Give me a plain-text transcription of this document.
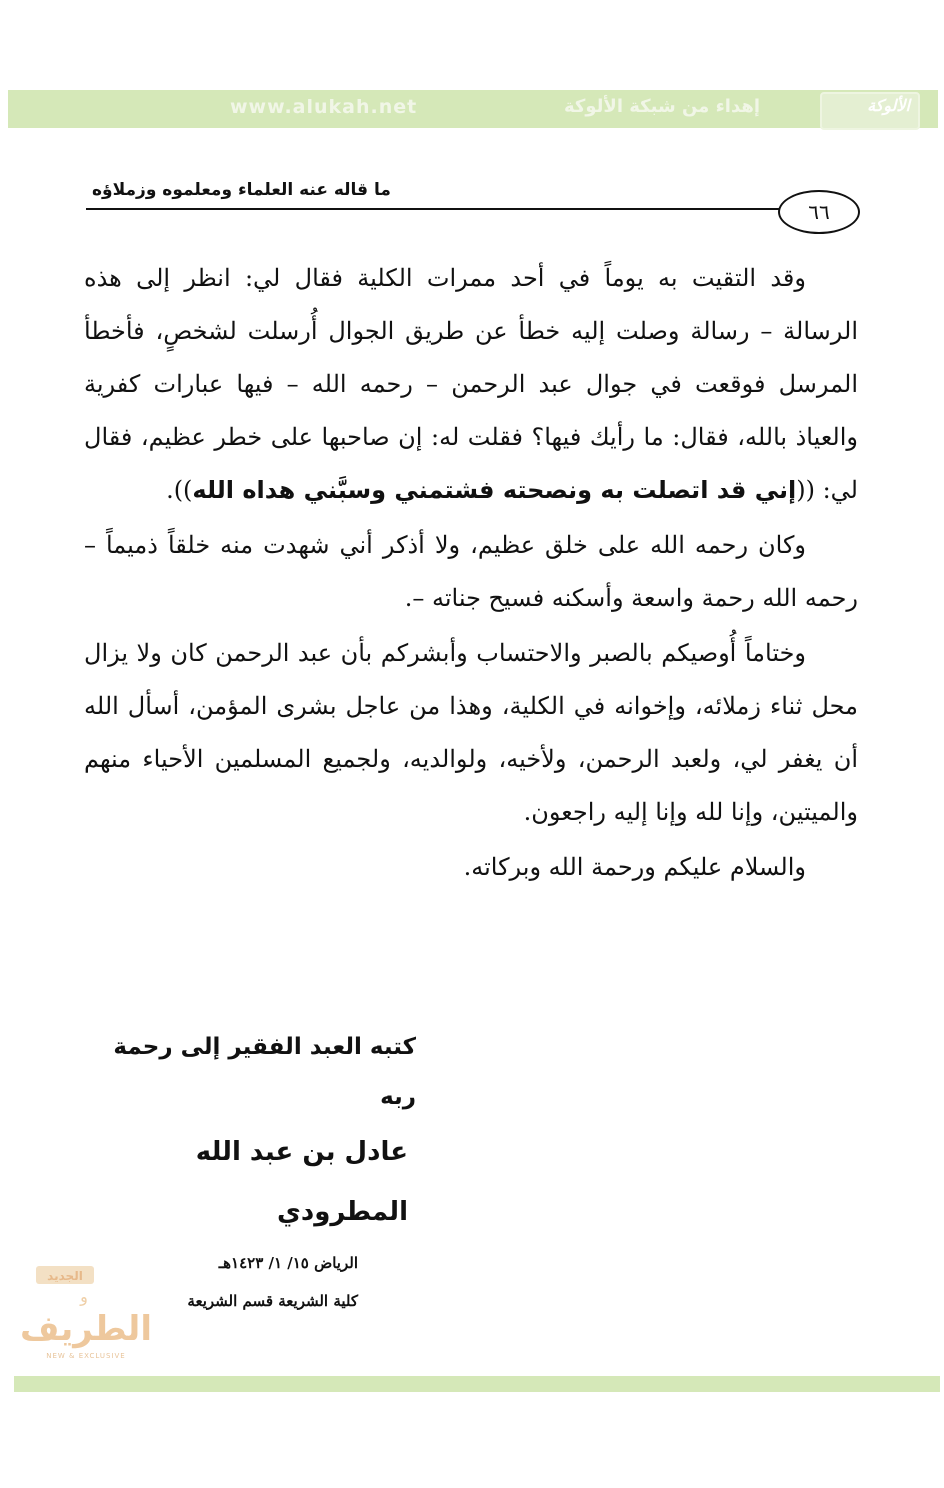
www.alukah.net	إهداء من شبكة الألوكة	الألوكة
ما قاله عنه العلماء ومعلموه وزملاؤه
٦٦

وقد التقيت به يوماً في أحد ممرات الكلية فقال لي: انظر إلى هذه الرسالة – رسالة وصلت إليه خطأ عن طريق الجوال أُرسلت لشخصٍ، فأخطأ المرسل فوقعت في جوال عبد الرحمن – رحمه الله – فيها عبارات كفرية والعياذ بالله، فقال: ما رأيك فيها؟ فقلت له: إن صاحبها على خطر عظيم، فقال لي: ((إني قد اتصلت به ونصحته فشتمني وسبَّني هداه الله)).

وكان رحمه الله على خلق عظيم، ولا أذكر أني شهدت منه خلقاً ذميماً – رحمه الله رحمة واسعة وأسكنه فسيح جناته –.

وختاماً أُوصيكم بالصبر والاحتساب وأبشركم بأن عبد الرحمن كان ولا يزال محل ثناء زملائه، وإخوانه في الكلية، وهذا من عاجل بشرى المؤمن، أسأل الله أن يغفر لي، ولعبد الرحمن، ولأخيه، ولوالديه، ولجميع المسلمين الأحياء منهم والميتين، وإنا لله وإنا إليه راجعون.

والسلام عليكم ورحمة الله وبركاته.

كتبه العبد الفقير إلى رحمة ربه
عادل بن عبد الله المطرودي
الرياض ١٥/ ١/ ١٤٢٣هـ
كلية الشريعة قسم الشريعة
الجديد
و
الطريف
NEW & EXCLUSIVE
